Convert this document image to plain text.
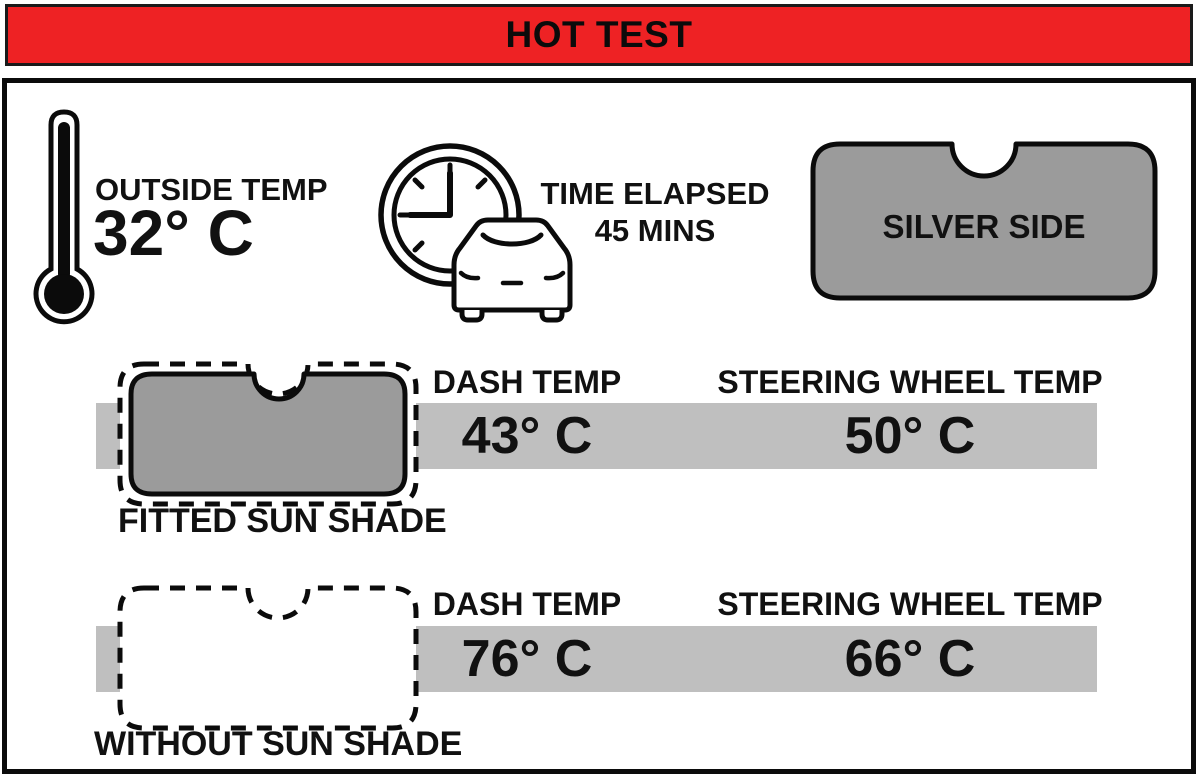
HOT TEST
OUTSIDE TEMP
32° C
TIME ELAPSED
45 MINS	SILVER SIDE
DASH TEMP	STEERING WHEEL TEMP
43° C	50° C
FITTED SUN SHADE
DASH TEMP	STEERING WHEEL TEMP
76° C	66° C
WITHOUT SUN SHADE
